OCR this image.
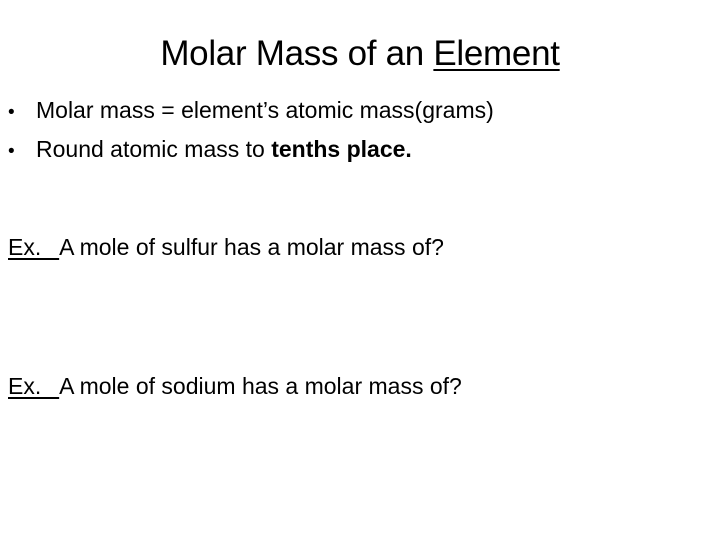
Molar Mass of an Element
• Molar mass = element’s atomic mass(grams)
• Round atomic mass to tenths place.
Ex.   A mole of sulfur has a molar mass of?
Ex.   A mole of sodium has a molar mass of?
